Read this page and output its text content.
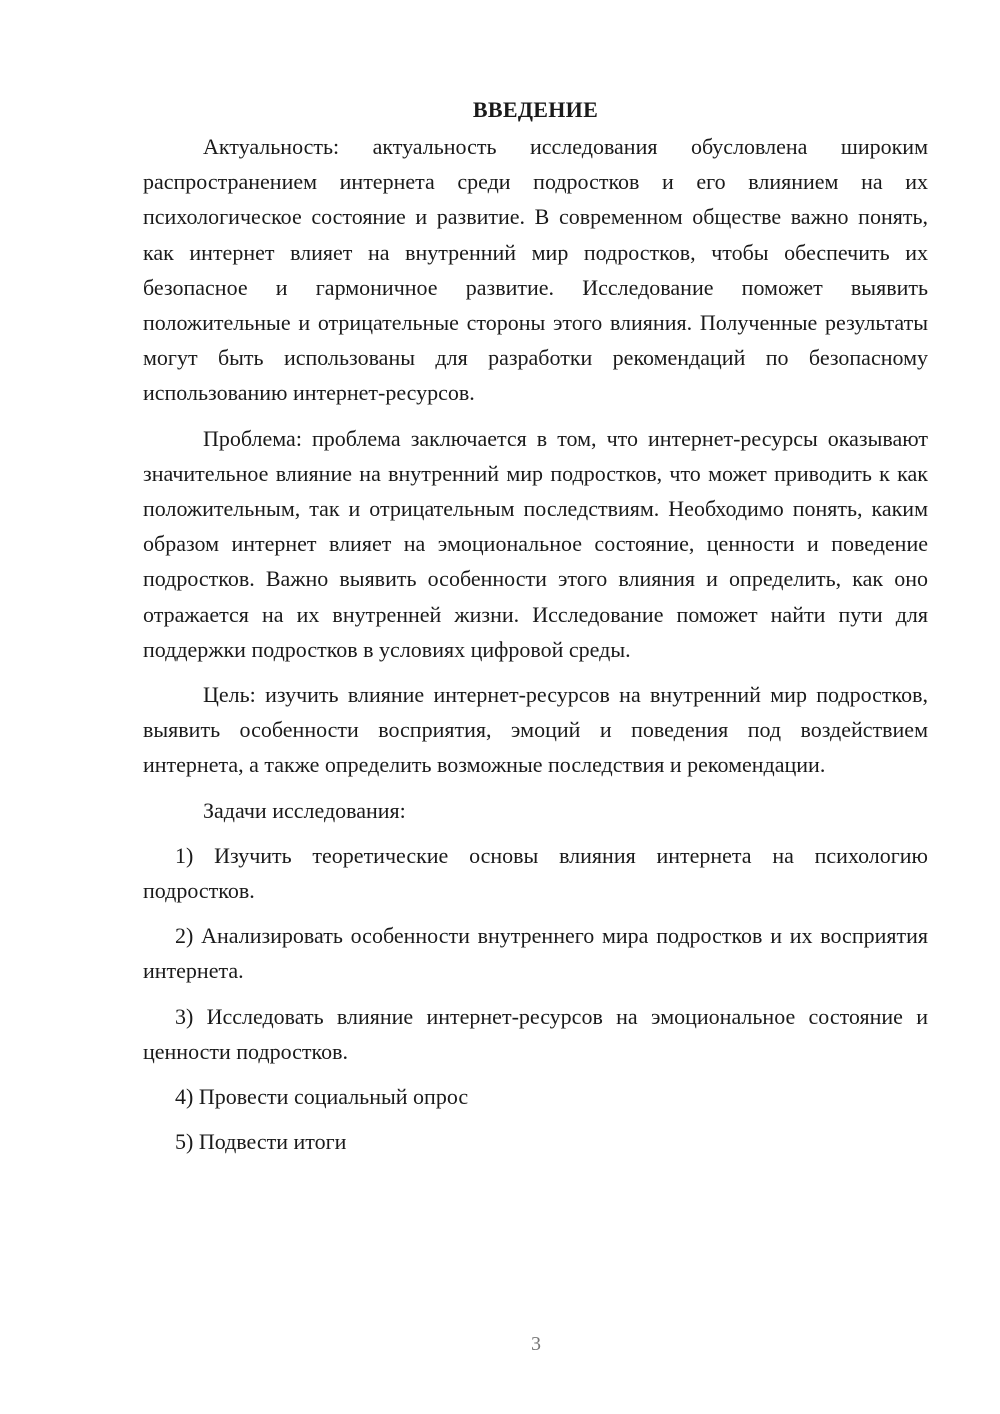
ВВЕДЕНИЕ

Актуальность: актуальность исследования обусловлена широким распространением интернета среди подростков и его влиянием на их психологическое состояние и развитие. В современном обществе важно понять, как интернет влияет на внутренний мир подростков, чтобы обеспечить их безопасное и гармоничное развитие. Исследование поможет выявить положительные и отрицательные стороны этого влияния. Полученные результаты могут быть использованы для разработки рекомендаций по безопасному использованию интернет-ресурсов.

Проблема: проблема заключается в том, что интернет-ресурсы оказывают значительное влияние на внутренний мир подростков, что может приводить к как положительным, так и отрицательным последствиям. Необходимо понять, каким образом интернет влияет на эмоциональное состояние, ценности и поведение подростков. Важно выявить особенности этого влияния и определить, как оно отражается на их внутренней жизни. Исследование поможет найти пути для поддержки подростков в условиях цифровой среды.

Цель: изучить влияние интернет-ресурсов на внутренний мир подростков, выявить особенности восприятия, эмоций и поведения под воздействием интернета, а также определить возможные последствия и рекомендации.

Задачи исследования:

1) Изучить теоретические основы влияния интернета на психологию подростков.

2) Анализировать особенности внутреннего мира подростков и их восприятия интернета.

3) Исследовать влияние интернет-ресурсов на эмоциональное состояние и ценности подростков.

4) Провести социальный опрос

5) Подвести итоги

3
